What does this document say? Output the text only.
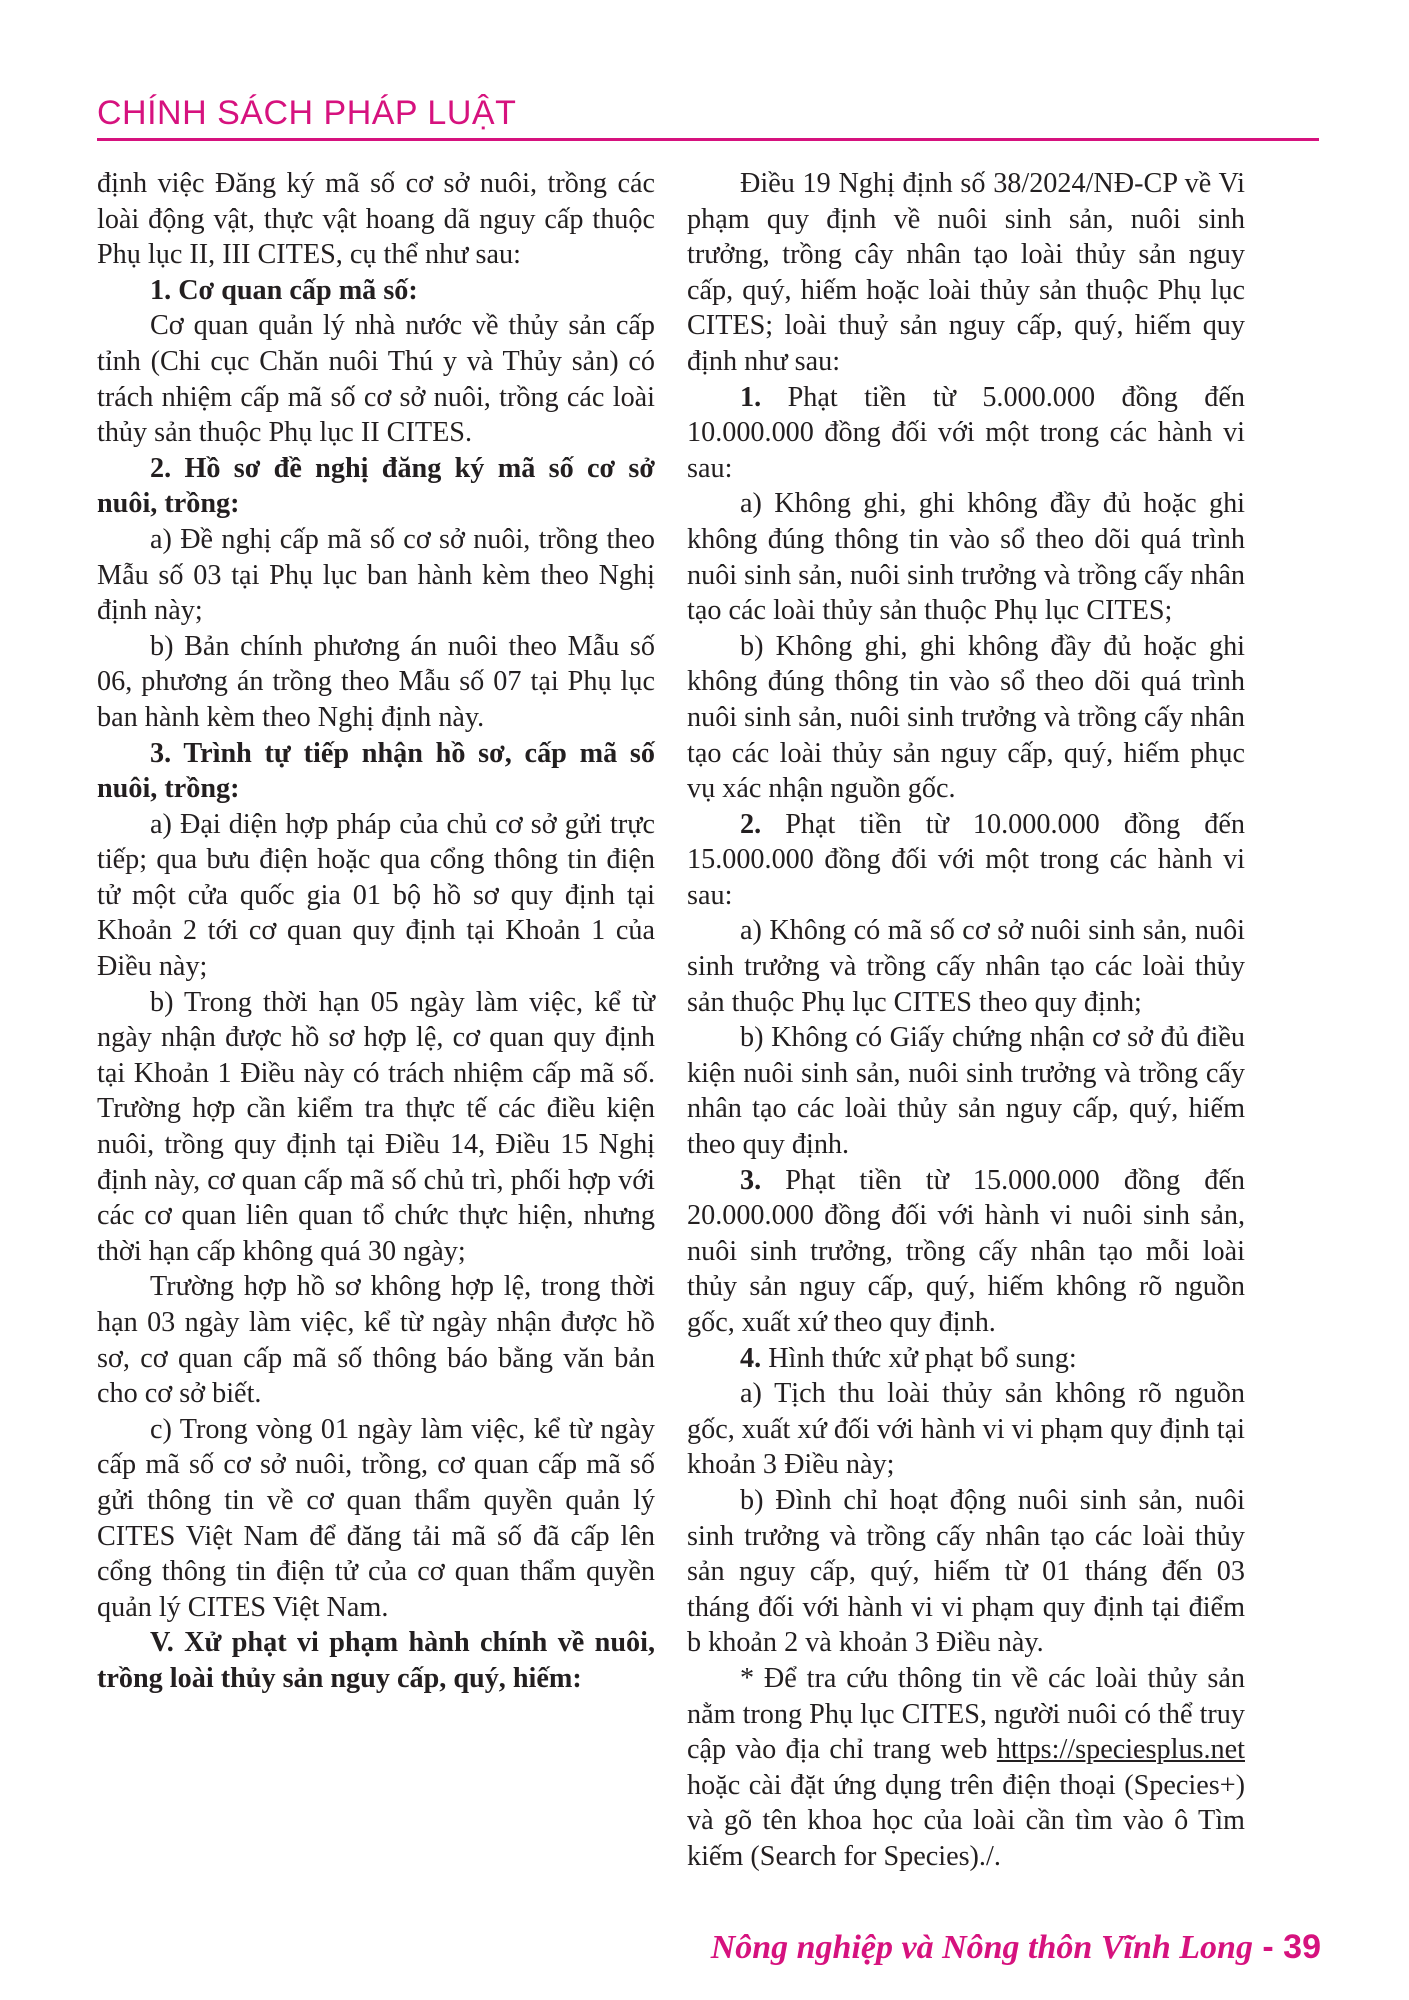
CHÍNH SÁCH PHÁP LUẬT

định việc Đăng ký mã số cơ sở nuôi, trồng các loài động vật, thực vật hoang dã nguy cấp thuộc Phụ lục II, III CITES, cụ thể như sau:

1. Cơ quan cấp mã số:

Cơ quan quản lý nhà nước về thủy sản cấp tỉnh (Chi cục Chăn nuôi Thú y và Thủy sản) có trách nhiệm cấp mã số cơ sở nuôi, trồng các loài thủy sản thuộc Phụ lục II CITES.

2. Hồ sơ đề nghị đăng ký mã số cơ sở nuôi, trồng:

a) Đề nghị cấp mã số cơ sở nuôi, trồng theo Mẫu số 03 tại Phụ lục ban hành kèm theo Nghị định này;

b) Bản chính phương án nuôi theo Mẫu số 06, phương án trồng theo Mẫu số 07 tại Phụ lục ban hành kèm theo Nghị định này.

3. Trình tự tiếp nhận hồ sơ, cấp mã số nuôi, trồng:

a) Đại diện hợp pháp của chủ cơ sở gửi trực tiếp; qua bưu điện hoặc qua cổng thông tin điện tử một cửa quốc gia 01 bộ hồ sơ quy định tại Khoản 2 tới cơ quan quy định tại Khoản 1 của Điều này;

b) Trong thời hạn 05 ngày làm việc, kể từ ngày nhận được hồ sơ hợp lệ, cơ quan quy định tại Khoản 1 Điều này có trách nhiệm cấp mã số. Trường hợp cần kiểm tra thực tế các điều kiện nuôi, trồng quy định tại Điều 14, Điều 15 Nghị định này, cơ quan cấp mã số chủ trì, phối hợp với các cơ quan liên quan tổ chức thực hiện, nhưng thời hạn cấp không quá 30 ngày;

Trường hợp hồ sơ không hợp lệ, trong thời hạn 03 ngày làm việc, kể từ ngày nhận được hồ sơ, cơ quan cấp mã số thông báo bằng văn bản cho cơ sở biết.

c) Trong vòng 01 ngày làm việc, kể từ ngày cấp mã số cơ sở nuôi, trồng, cơ quan cấp mã số gửi thông tin về cơ quan thẩm quyền quản lý CITES Việt Nam để đăng tải mã số đã cấp lên cổng thông tin điện tử của cơ quan thẩm quyền quản lý CITES Việt Nam.

V. Xử phạt vi phạm hành chính về nuôi, trồng loài thủy sản nguy cấp, quý, hiếm:

Điều 19 Nghị định số 38/2024/NĐ-CP về Vi phạm quy định về nuôi sinh sản, nuôi sinh trưởng, trồng cây nhân tạo loài thủy sản nguy cấp, quý, hiếm hoặc loài thủy sản thuộc Phụ lục CITES; loài thuỷ sản nguy cấp, quý, hiếm quy định như sau:

1. Phạt tiền từ 5.000.000 đồng đến 10.000.000 đồng đối với một trong các hành vi sau:

a) Không ghi, ghi không đầy đủ hoặc ghi không đúng thông tin vào sổ theo dõi quá trình nuôi sinh sản, nuôi sinh trưởng và trồng cấy nhân tạo các loài thủy sản thuộc Phụ lục CITES;

b) Không ghi, ghi không đầy đủ hoặc ghi không đúng thông tin vào sổ theo dõi quá trình nuôi sinh sản, nuôi sinh trưởng và trồng cấy nhân tạo các loài thủy sản nguy cấp, quý, hiếm phục vụ xác nhận nguồn gốc.

2. Phạt tiền từ 10.000.000 đồng đến 15.000.000 đồng đối với một trong các hành vi sau:

a) Không có mã số cơ sở nuôi sinh sản, nuôi sinh trưởng và trồng cấy nhân tạo các loài thủy sản thuộc Phụ lục CITES theo quy định;

b) Không có Giấy chứng nhận cơ sở đủ điều kiện nuôi sinh sản, nuôi sinh trưởng và trồng cấy nhân tạo các loài thủy sản nguy cấp, quý, hiếm theo quy định.

3. Phạt tiền từ 15.000.000 đồng đến 20.000.000 đồng đối với hành vi nuôi sinh sản, nuôi sinh trưởng, trồng cấy nhân tạo mỗi loài thủy sản nguy cấp, quý, hiếm không rõ nguồn gốc, xuất xứ theo quy định.

4. Hình thức xử phạt bổ sung:

a) Tịch thu loài thủy sản không rõ nguồn gốc, xuất xứ đối với hành vi vi phạm quy định tại khoản 3 Điều này;

b) Đình chỉ hoạt động nuôi sinh sản, nuôi sinh trưởng và trồng cấy nhân tạo các loài thủy sản nguy cấp, quý, hiếm từ 01 tháng đến 03 tháng đối với hành vi vi phạm quy định tại điểm b khoản 2 và khoản 3 Điều này.

* Để tra cứu thông tin về các loài thủy sản nằm trong Phụ lục CITES, người nuôi có thể truy cập vào địa chỉ trang web https://speciesplus.net hoặc cài đặt ứng dụng trên điện thoại (Species+) và gõ tên khoa học của loài cần tìm vào ô Tìm kiếm (Search for Species)./.

Nông nghiệp và Nông thôn Vĩnh Long - 39
